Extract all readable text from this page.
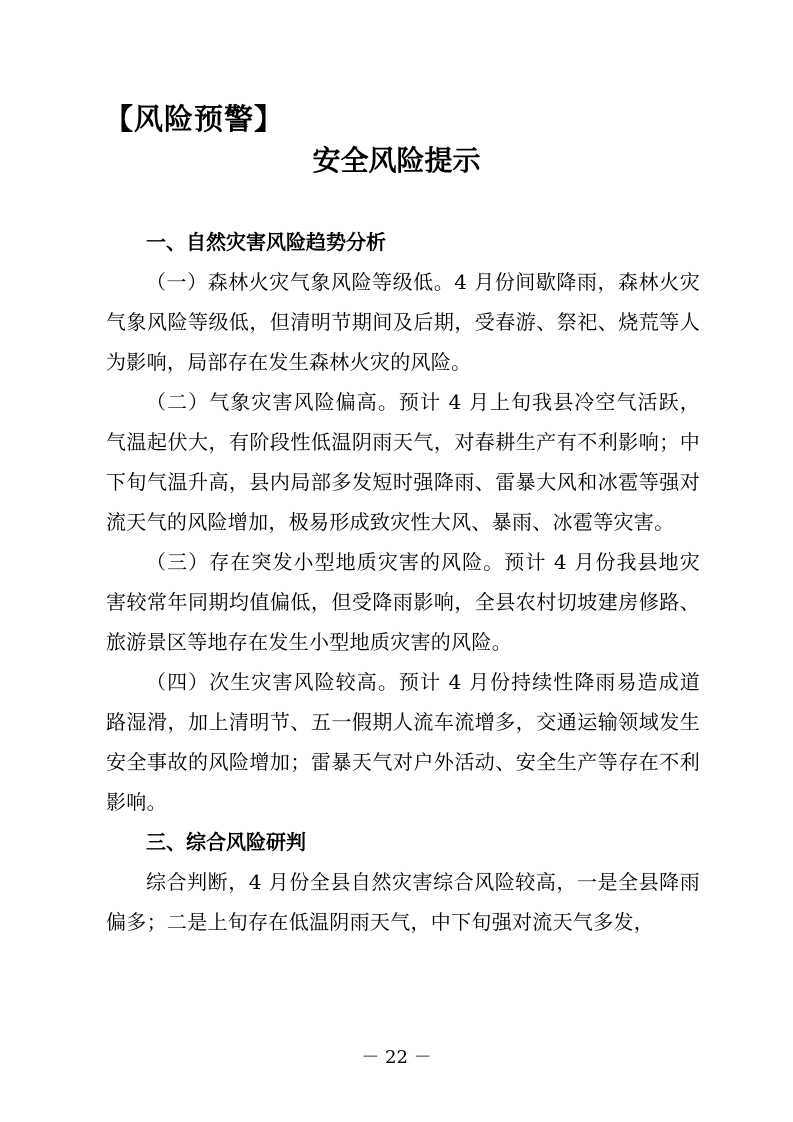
【风险预警】
安全风险提示

一、自然灾害风险趋势分析

（一）森林火灾气象风险等级低。4 月份间歇降雨，森林火灾气象风险等级低，但清明节期间及后期，受春游、祭祀、烧荒等人为影响，局部存在发生森林火灾的风险。

（二）气象灾害风险偏高。预计 4 月上旬我县冷空气活跃，气温起伏大，有阶段性低温阴雨天气，对春耕生产有不利影响；中下旬气温升高，县内局部多发短时强降雨、雷暴大风和冰雹等强对流天气的风险增加，极易形成致灾性大风、暴雨、冰雹等灾害。

（三）存在突发小型地质灾害的风险。预计 4 月份我县地灾害较常年同期均值偏低，但受降雨影响，全县农村切坡建房修路、旅游景区等地存在发生小型地质灾害的风险。

（四）次生灾害风险较高。预计 4 月份持续性降雨易造成道路湿滑，加上清明节、五一假期人流车流增多，交通运输领域发生安全事故的风险增加；雷暴天气对户外活动、安全生产等存在不利影响。

三、综合风险研判

综合判断，4 月份全县自然灾害综合风险较高，一是全县降雨偏多；二是上旬存在低温阴雨天气，中下旬强对流天气多发，

－ 22 －
